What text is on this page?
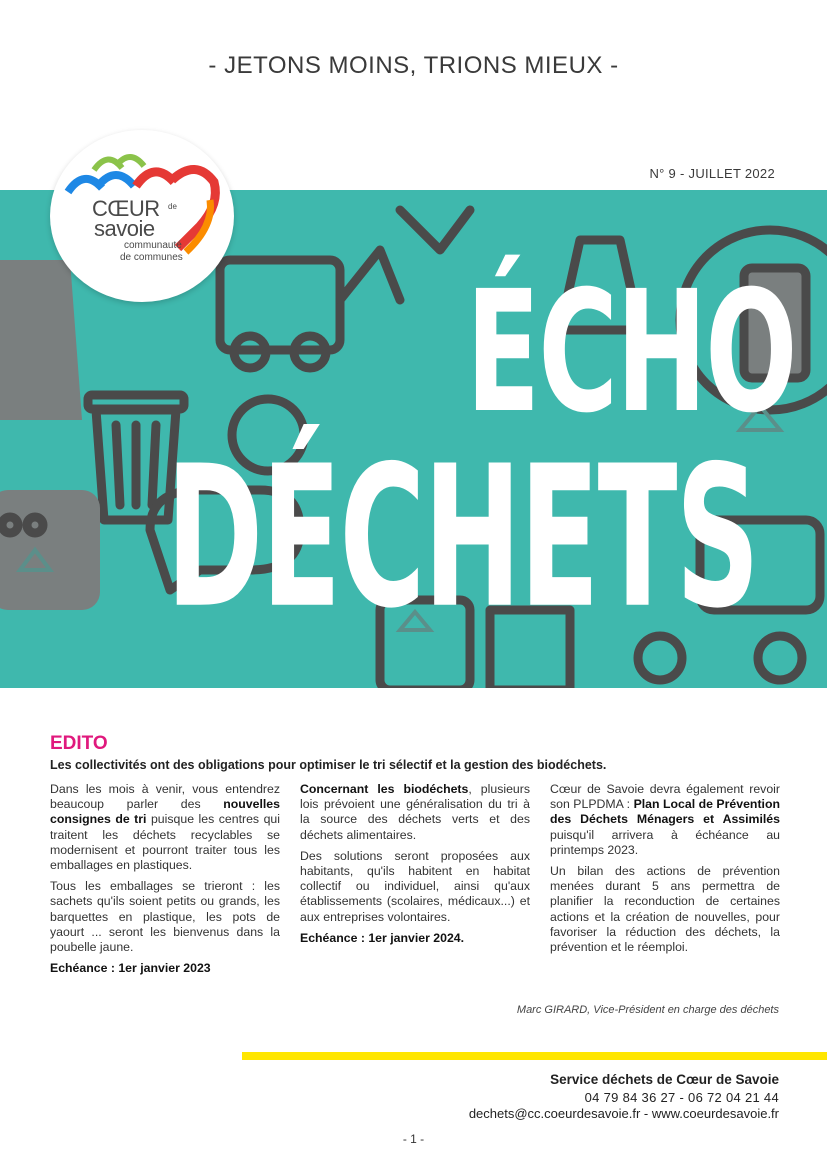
- JETONS MOINS, TRIONS MIEUX -
CŒUR de
savoie
communauté
de communes
N° 9 - JUILLET 2022
ÉCHO
DÉCHETS
EDITO
Les collectivités ont des obligations pour optimiser le tri sélectif et la gestion des biodéchets.

Dans les mois à venir, vous entendrez beaucoup parler des nouvelles consignes de tri puisque les centres qui traitent les déchets recyclables se modernisent et pourront traiter tous les emballages en plastiques.

Tous les emballages se trieront : les sachets qu'ils soient petits ou grands, les barquettes en plastique, les pots de yaourt ... seront les bienvenus dans la poubelle jaune.

Echéance : 1er janvier 2023

Concernant les biodéchets, plusieurs lois prévoient une généralisation du tri à la source des déchets verts et des déchets alimentaires.

Des solutions seront proposées aux habitants, qu'ils habitent en habitat collectif ou individuel, ainsi qu'aux établissements (scolaires, médicaux...) et aux entreprises volontaires.

Echéance : 1er janvier 2024.

Cœur de Savoie devra également revoir son PLPDMA : Plan Local de Prévention des Déchets Ménagers et Assimilés puisqu'il arrivera à échéance au printemps 2023.

Un bilan des actions de prévention menées durant 5 ans permettra de planifier la reconduction de certaines actions et la création de nouvelles, pour favoriser la réduction des déchets, la prévention et le réemploi.

Marc GIRARD, Vice-Président en charge des déchets
Service déchets de Cœur de Savoie
04 79 84 36 27 - 06 72 04 21 44
dechets@cc.coeurdesavoie.fr - www.coeurdesavoie.fr
- 1 -
